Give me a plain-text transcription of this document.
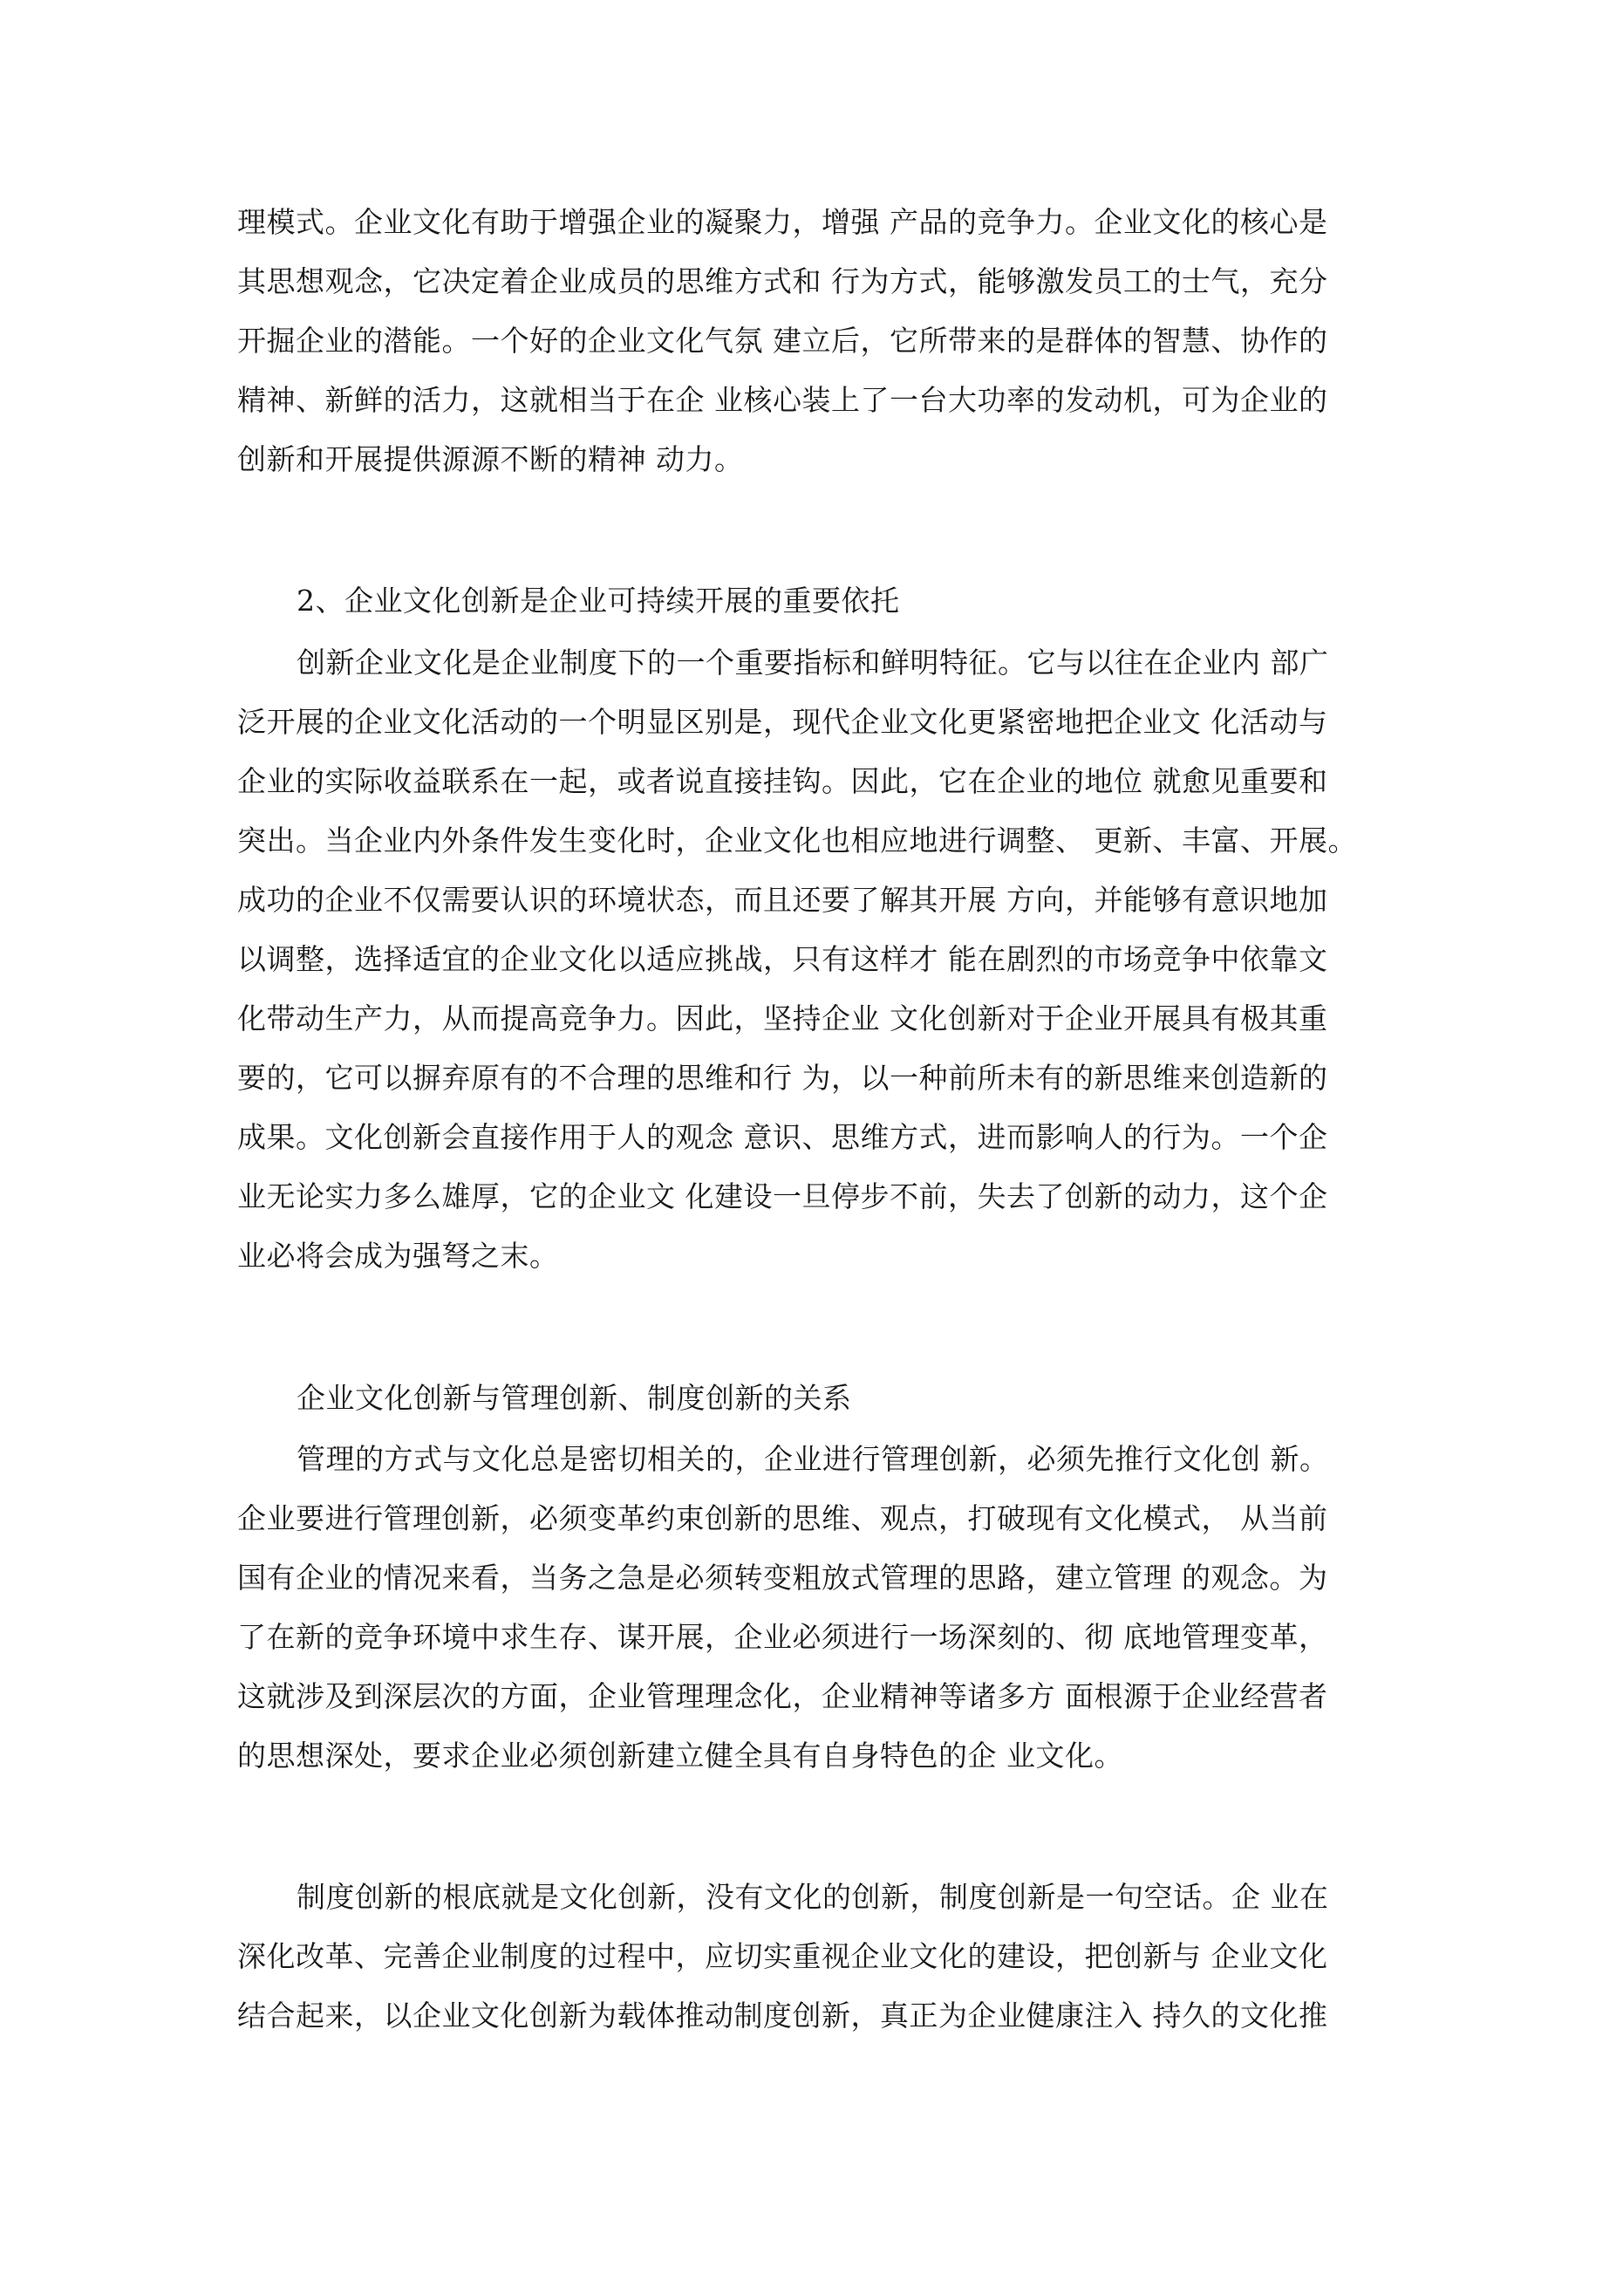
理模式。企业文化有助于增强企业的凝聚力，增强 产品的竞争力。企业文化的核心是
其思想观念，它决定着企业成员的思维方式和 行为方式，能够激发员工的士气，充分
开掘企业的潜能。一个好的企业文化气氛 建立后，它所带来的是群体的智慧、协作的
精神、新鲜的活力，这就相当于在企 业核心装上了一台大功率的发动机，可为企业的
创新和开展提供源源不断的精神 动力。
2、企业文化创新是企业可持续开展的重要依托
创新企业文化是企业制度下的一个重要指标和鲜明特征。它与以往在企业内 部广
泛开展的企业文化活动的一个明显区别是，现代企业文化更紧密地把企业文 化活动与
企业的实际收益联系在一起，或者说直接挂钩。因此，它在企业的地位 就愈见重要和
突出。当企业内外条件发生变化时，企业文化也相应地进行调整、 更新、丰富、开展。
成功的企业不仅需要认识的环境状态，而且还要了解其开展 方向，并能够有意识地加
以调整，选择适宜的企业文化以适应挑战，只有这样才 能在剧烈的市场竞争中依靠文
化带动生产力，从而提高竞争力。因此，坚持企业 文化创新对于企业开展具有极其重
要的，它可以摒弃原有的不合理的思维和行 为，以一种前所未有的新思维来创造新的
成果。文化创新会直接作用于人的观念 意识、思维方式，进而影响人的行为。一个企
业无论实力多么雄厚，它的企业文 化建设一旦停步不前，失去了创新的动力，这个企
业必将会成为强弩之末。
企业文化创新与管理创新、制度创新的关系
管理的方式与文化总是密切相关的，企业进行管理创新，必须先推行文化创 新。
企业要进行管理创新，必须变革约束创新的思维、观点，打破现有文化模式， 从当前
国有企业的情况来看，当务之急是必须转变粗放式管理的思路，建立管理 的观念。为
了在新的竞争环境中求生存、谋开展，企业必须进行一场深刻的、彻 底地管理变革，
这就涉及到深层次的方面，企业管理理念化，企业精神等诸多方 面根源于企业经营者
的思想深处，要求企业必须创新建立健全具有自身特色的企 业文化。
制度创新的根底就是文化创新，没有文化的创新，制度创新是一句空话。企 业在
深化改革、完善企业制度的过程中，应切实重视企业文化的建设，把创新与 企业文化
结合起来，以企业文化创新为载体推动制度创新，真正为企业健康注入 持久的文化推
